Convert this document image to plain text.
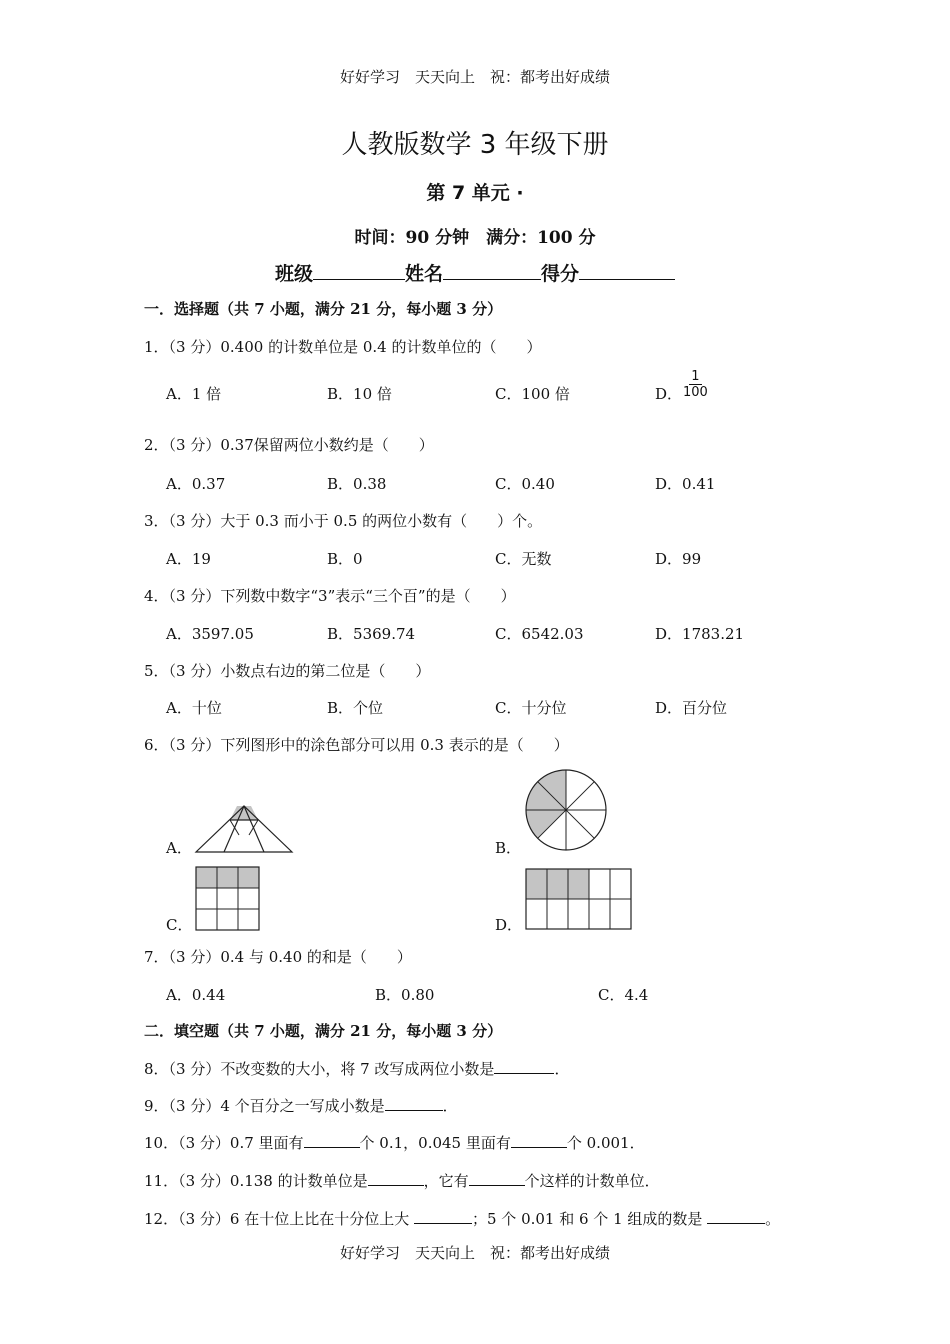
好好学习　天天向上　祝：都考出好成绩
人教版数学 3 年级下册
第 7 单元 ·
时间：90 分钟　满分：100 分
班级	姓名	得分
一．选择题（共 7 小题，满分 21 分，每小题 3 分）
1．（3 分）0.400 的计数单位是 0.4 的计数单位的（　　）
A．1 倍	B．10 倍	C．100 倍	D． $\frac{1}{100}$
2．（3 分）0.37保留两位小数约是（　　）
A．0.37	B．0.38	C．0.40	D．0.41
3．（3 分）大于 0.3 而小于 0.5 的两位小数有（　　）个。
A．19	B．0	C．无数	D．99
4．（3 分）下列数中数字“3”表示“三个百”的是（　　）
A．3597.05	B．5369.74	C．6542.03	D．1783.21
5．（3 分）小数点右边的第二位是（　　）
A．十位	B．个位	C．十分位	D．百分位
6．（3 分）下列图形中的涂色部分可以用 0.3 表示的是（　　）
A．	B．
C．	D．
7．（3 分）0.4 与 0.40 的和是（　　）
A．0.44	B．0.80	C．4.4
二．填空题（共 7 小题，满分 21 分，每小题 3 分）
8．（3 分）不改变数的大小，将 7 改写成两位小数是	．
9．（3 分）4 个百分之一写成小数是	．
10．（3 分）0.7 里面有	个 0.1，0.045 里面有	个 0.001．
11．（3 分）0.138 的计数单位是	，它有	个这样的计数单位．
12．（3 分）6 在十位上比在十分位上大	；5 个 0.01 和 6 个 1 组成的数是	。
好好学习　天天向上　祝：都考出好成绩
